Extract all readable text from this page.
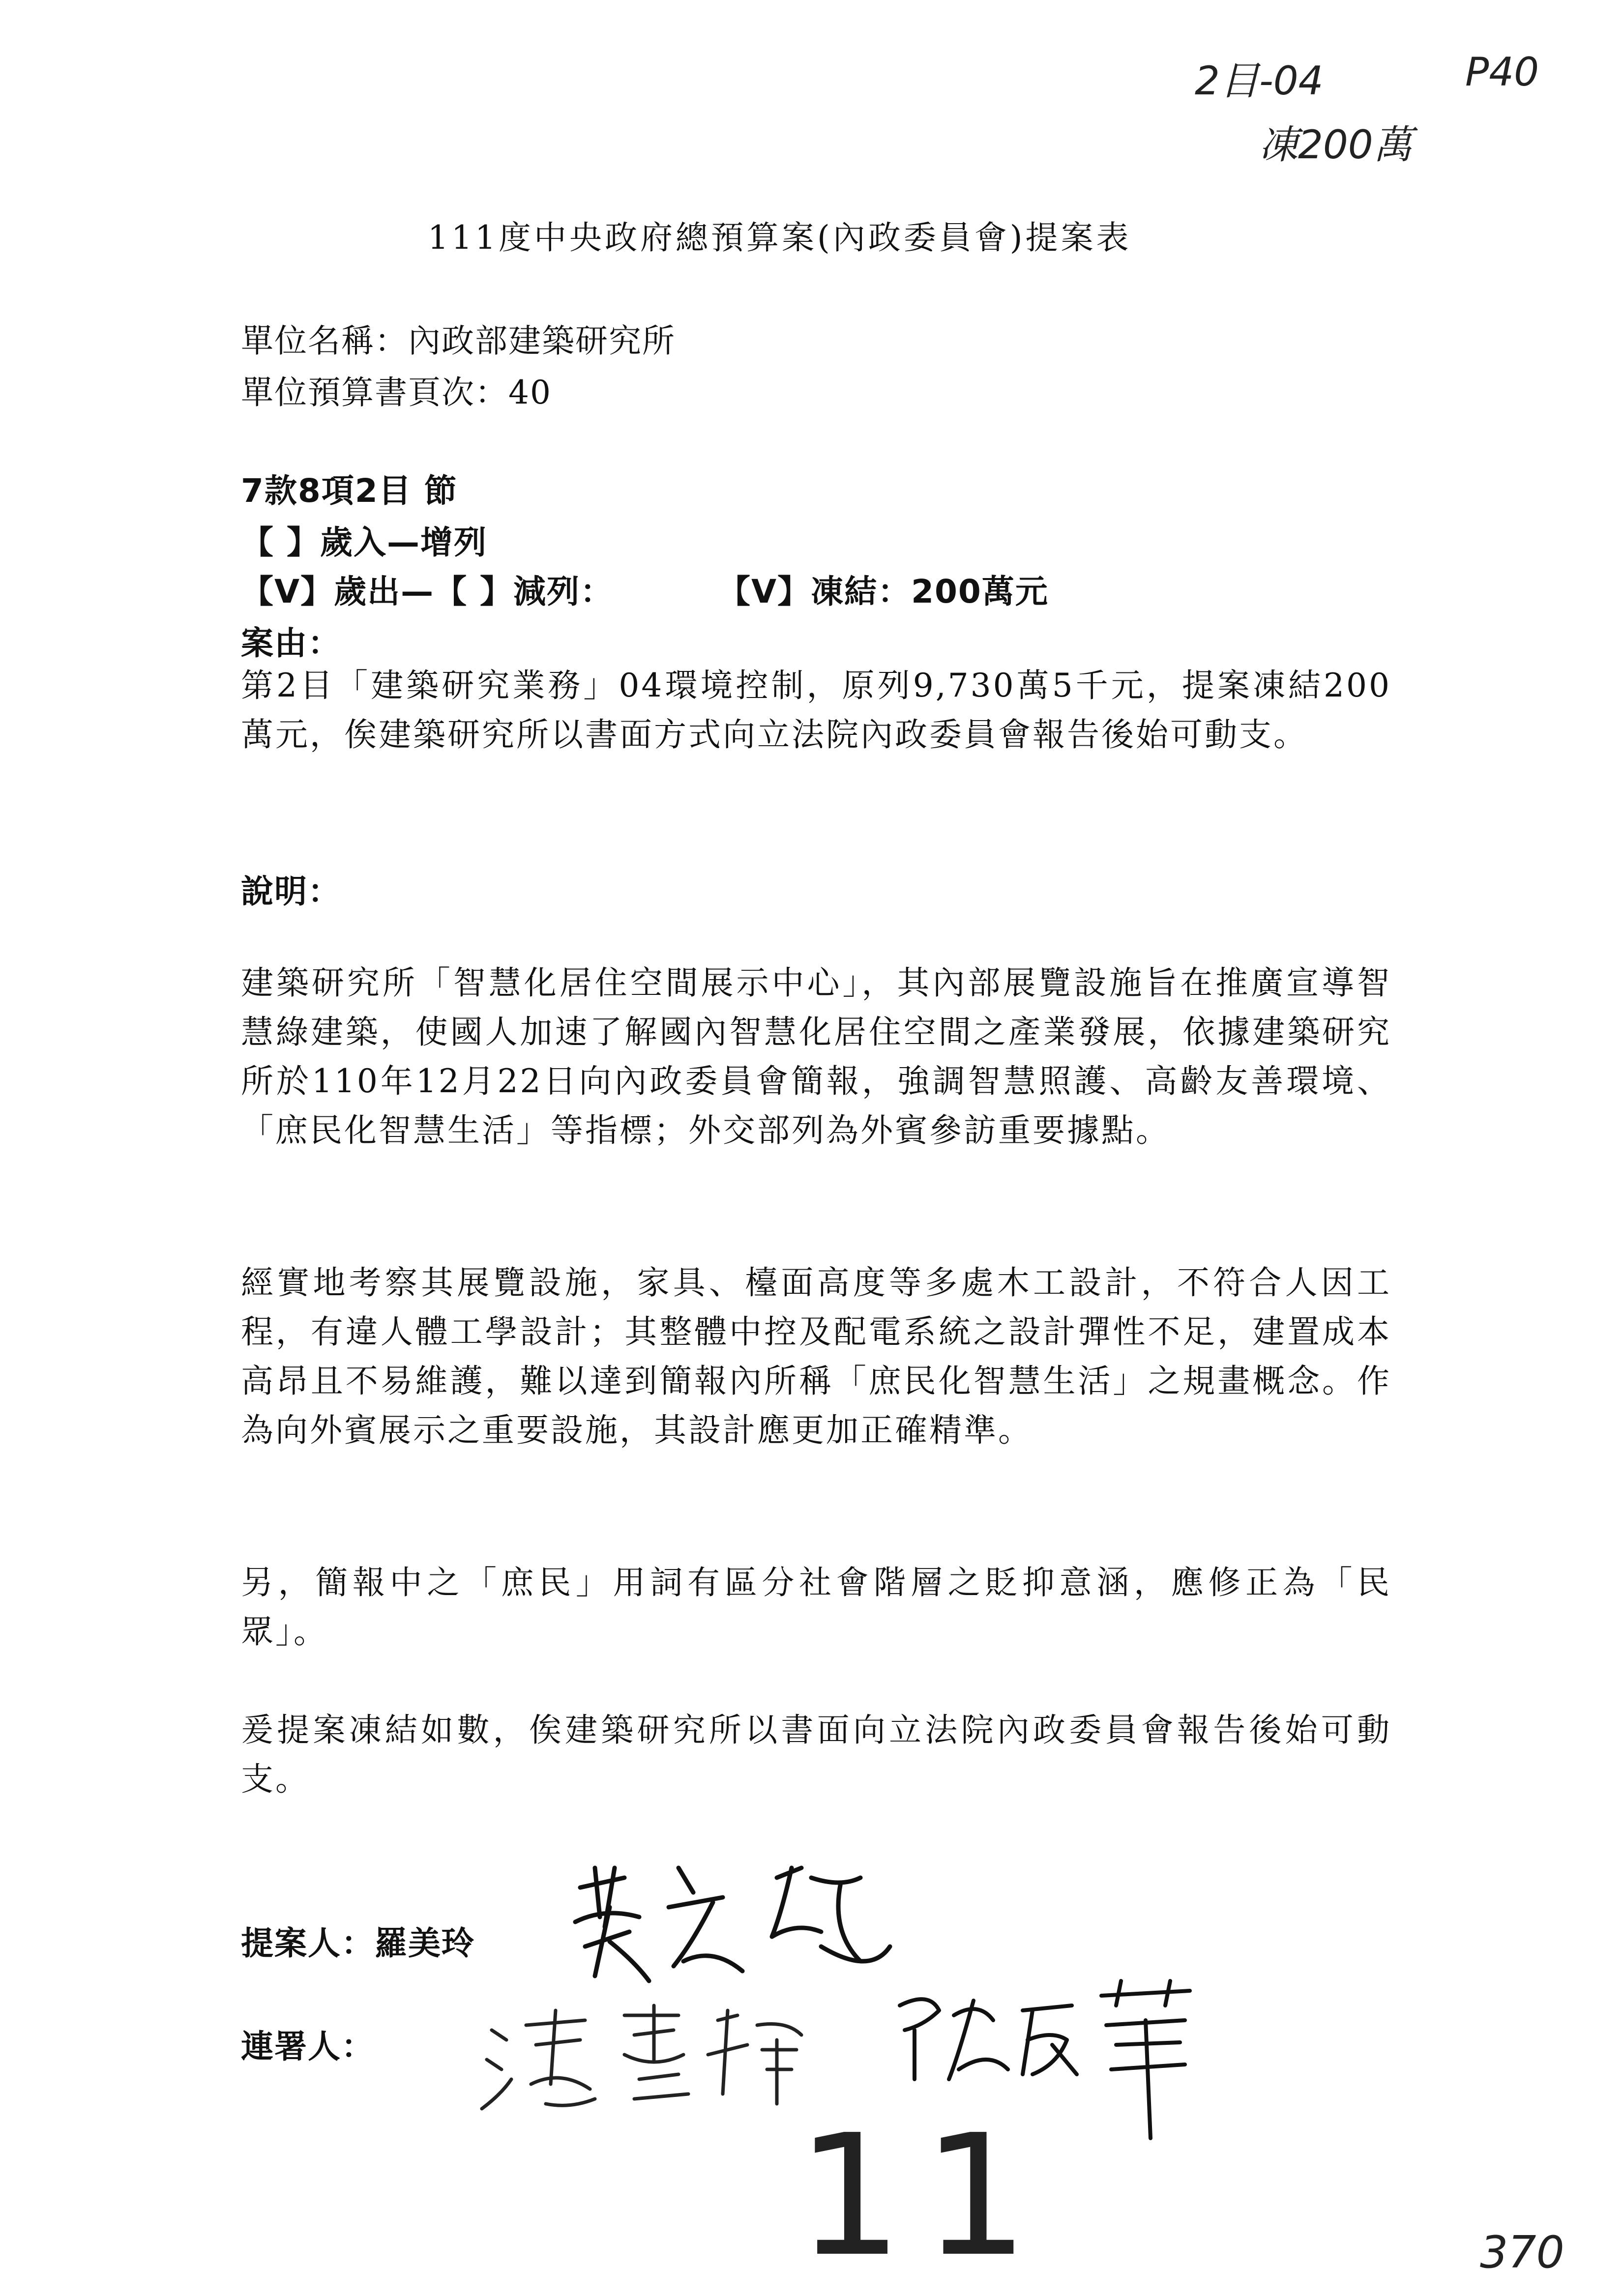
2目-04	P40
凍200萬
111度中央政府總預算案(內政委員會)提案表
單位名稱：內政部建築研究所
單位預算書頁次：40
7款8項2目 節
【 】歲入—增列
【V】歲出—【 】減列：	【V】凍結：200萬元
案由：
第2目「建築研究業務」04環境控制，原列9,730萬5千元，提案凍結200萬元，俟建築研究所以書面方式向立法院內政委員會報告後始可動支。
說明：
建築研究所「智慧化居住空間展示中心」，其內部展覽設施旨在推廣宣導智慧綠建築，使國人加速了解國內智慧化居住空間之產業發展，依據建築研究所於110年12月22日向內政委員會簡報，強調智慧照護、高齡友善環境、「庶民化智慧生活」等指標；外交部列為外賓參訪重要據點。
經實地考察其展覽設施，家具、檯面高度等多處木工設計，不符合人因工程，有違人體工學設計；其整體中控及配電系統之設計彈性不足，建置成本高昂且不易維護，難以達到簡報內所稱「庶民化智慧生活」之規畫概念。作為向外賓展示之重要設施，其設計應更加正確精準。
另，簡報中之「庶民」用詞有區分社會階層之貶抑意涵，應修正為「民眾」。
爰提案凍結如數，俟建築研究所以書面向立法院內政委員會報告後始可動支。
提案人：羅美玲
連署人：
11	370
